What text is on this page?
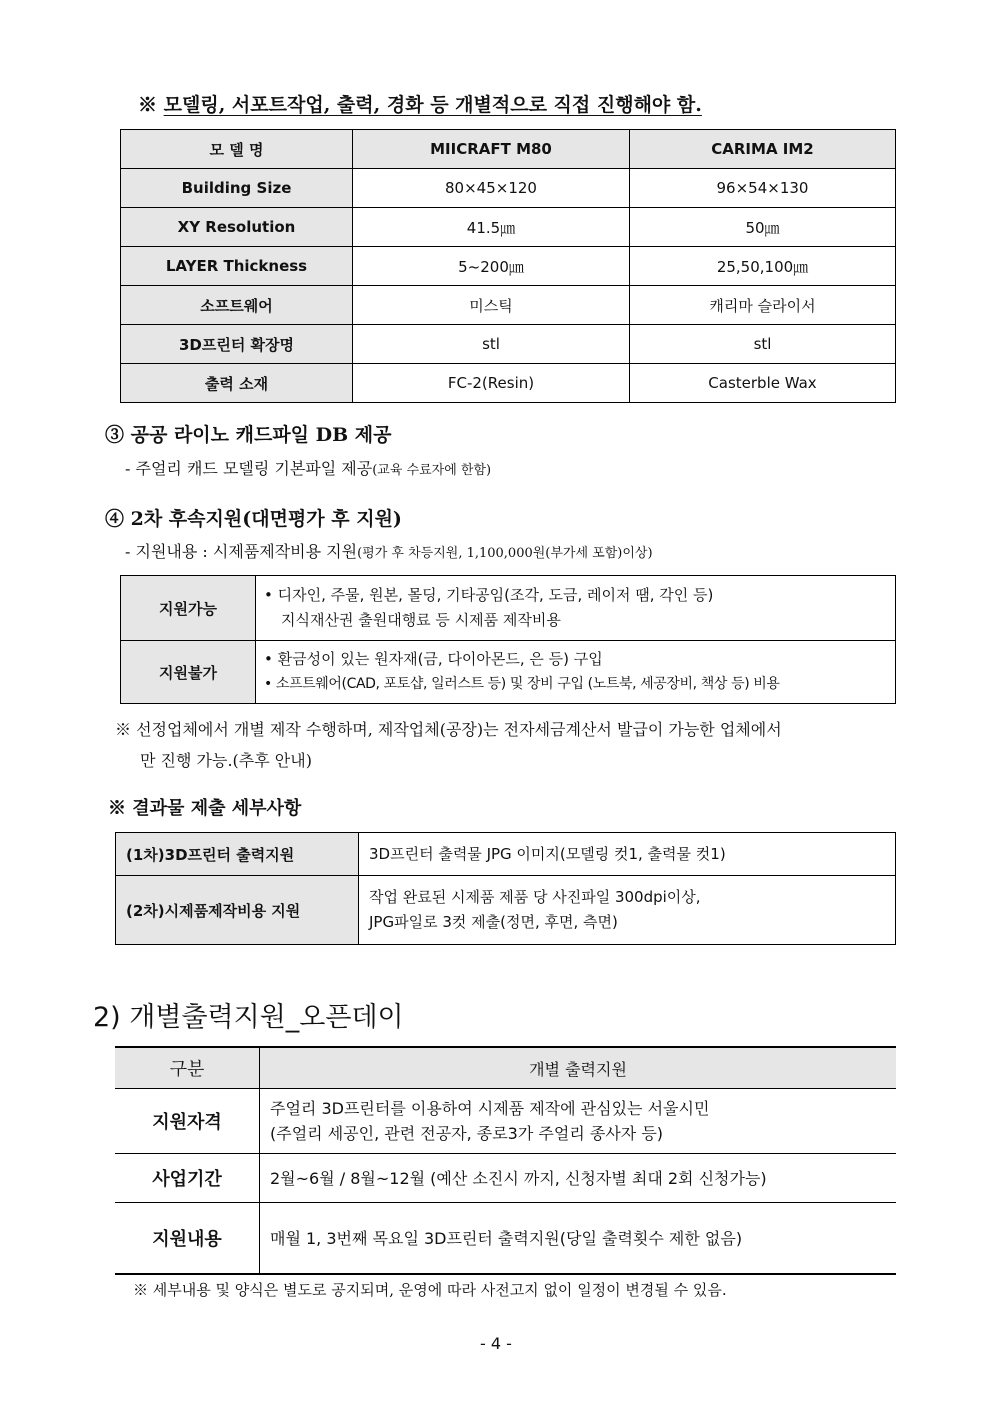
※ 모델링, 서포트작업, 출력, 경화 등 개별적으로 직접 진행해야 함.
모 델 명	MIICRAFT M80	CARIMA IM2
Building Size	80×45×120	96×54×130
XY Resolution	41.5㎛	50㎛
LAYER Thickness	5~200㎛	25,50,100㎛
소프트웨어	미스틱	캐리마 슬라이서
3D프린터 확장명	stl	stl
출력 소재	FC-2(Resin)	Casterble Wax
③ 공공 라이노 캐드파일 DB 제공
- 주얼리 캐드 모델링 기본파일 제공(교육 수료자에 한함)
④ 2차 후속지원(대면평가 후 지원)
- 지원내용 : 시제품제작비용 지원(평가 후 차등지원, 1,100,000원(부가세 포함)이상)
지원가능	• 디자인, 주물, 원본, 몰딩, 기타공임(조각, 도금, 레이저 땜, 각인 등)
지식재산권 출원대행료 등 시제품 제작비용

지원불가	• 환금성이 있는 원자재(금, 다이아몬드, 은 등) 구입
• 소프트웨어(CAD, 포토샵, 일러스트 등) 및 장비 구입 (노트북, 세공장비, 책상 등) 비용
※ 선정업체에서 개별 제작 수행하며, 제작업체(공장)는 전자세금계산서 발급이 가능한 업체에서
만 진행 가능.(추후 안내)
※ 결과물 제출 세부사항
(1차)3D프린터 출력지원	3D프린터 출력물 JPG 이미지(모델링 컷1, 출력물 컷1)

(2차)시제품제작비용 지원	작업 완료된 시제품 제품 당 사진파일 300dpi이상,
JPG파일로 3컷 제출(정면, 후면, 측면)
2) 개별출력지원_오픈데이
구분	개별 출력지원
지원자격	주얼리 3D프린터를 이용하여 시제품 제작에 관심있는 서울시민
(주얼리 세공인, 관련 전공자, 종로3가 주얼리 종사자 등)

사업기간	2월~6월 / 8월~12월 (예산 소진시 까지, 신청자별 최대 2회 신청가능)

지원내용	매월 1, 3번째 목요일 3D프린터 출력지원(당일 출력횟수 제한 없음)
※ 세부내용 및 양식은 별도로 공지되며, 운영에 따라 사전고지 없이 일정이 변경될 수 있음.
- 4 -
